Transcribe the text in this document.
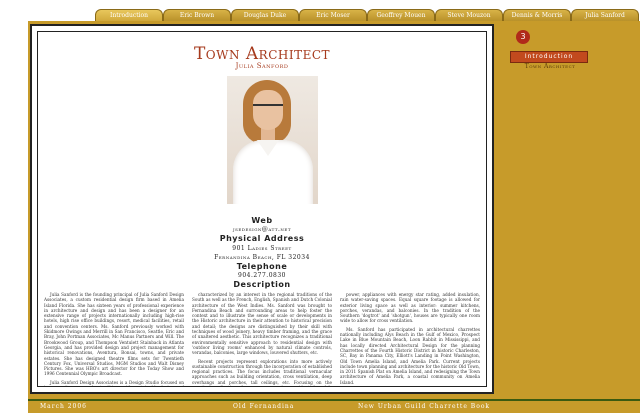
Introduction	Eric Brown	Douglas Duke	Eric Moser	Geoffrey Mouen	Steve Mouzon	Dennis & Morris	Julia Sanford
Town Architect
Julia Sanford
Web
jsedesign@att.net
Physical Address
901 Ladies Street
Fernandina Beach, FL 32034
Telephone
904.277.0830
Description

Julia Sanford is the founding principal of Julia Sanford Design Associates, a custom residential design firm based in Amelia Island Florida. She has sixteen years of professional experience in architecture and design and has been a designer for an extensive range of projects internationally including high-rise hotels, high rise office buildings, resort, medical facilities, retail and convention centers. Ms. Sanford previously worked with Skidmore Owings and Merrill in San Francisco, Seattle, Eric and Bray, John Portman Associates, Mc Manus Partners and Will. The Brookwood Group, and Thompson Ventulett Stainback in Atlanta Georgia, and has provided design and project management for historical renovations, Aventura, Bonsai, towns, and private estates. She has designed theatre films sets for Twentieth Century Fox, Universal Studios, MGM Studios and Walt Disney Pictures. She was HBO's art director for the Today Show and 1996 Centennial Olympic Broadcast.

Julia Sanford Design Associates is a Design Studio focused on

characterized by an interest in the regional traditions of the South as well as the French, English, Spanish and Dutch Colonial architecture of the West Indies. Ms. Sanford was brought to Fernandina Beach and surrounding areas to help foster the context and to illustrate the sense of scale or developments in the Historic architecture in their attention to historical precision and detail; the designs are distinguished by their skill with techniques of wood joinery, heavy timber framing, and the grace of unaltered aesthetic. This architecture recognizes a traditional environmentally sensitive approach to residential design with 'outdoor living rooms' enhanced by natural climate controls, verandas, balconies, large windows, louvered shutters, etc.

Recent projects represent explorations into more actively sustainable construction through the incorporation of established regional practices. The focus includes traditional vernacular approaches such as building orientation, cross ventilation, deep overhangs and porches, tall ceilings, etc. Focusing on the

power, appliances with energy star rating, added insulation, rain water-saving spaces. Equal square footage is allowed for exterior living space as well as interior: summer kitchens, porches, verandas, and balconies. In the tradition of the Southern 'dogtrot' and 'shotgun', houses are typically one room wide to allow for cross ventilation.

Ms. Sanford has participated in architectural charrettes nationally including Alys Beach in the Gulf of Mexico, Prospect Lake in Blue Mountain Beach, Loon Rabbit in Mississippi, and has locally directed Architectural Design for the planning Charrettes of the Fourth Historic District in historic Charleston, SC, Bay in Panama City, Elliott's Landing in Point Washington, Old Town Amelia Island, and Amelia Park. Current projects include town planning and architecture for the historic Old Town, in 2011 Spanish Plat on Amelia Island, and redesigning the Town architecture of Amelia Park, a coastal community on Amelia Island.

3
Introduction
Town Architect
March 2006	Old Fernandina	New Urban Guild Charrette Book
